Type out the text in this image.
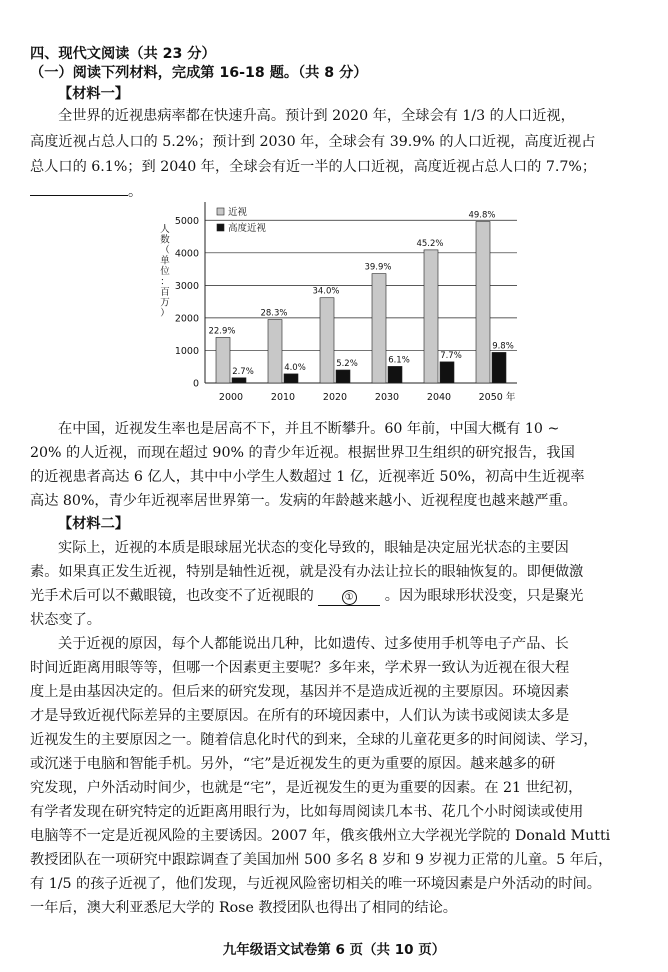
四、现代文阅读（共 23 分）
（一）阅读下列材料，完成第 16-18 题。（共 8 分）
【材料一】
全世界的近视患病率都在快速升高。预计到 2020 年，全球会有 1/3 的人口近视，
高度近视占总人口的 5.2%；预计到 2030 年，全球会有 39.9% 的人口近视，高度近视占
总人口的 6.1%；到 2040 年，全球会有近一半的人口近视，高度近视占总人口的 7.7%；
。
0
1000
2000
3000
4000
5000
人
数
（
单
位
：
百
万
）
22.9%
2.7%
2000
28.3%
4.0%
2010
34.0%
5.2%
2020
39.9%
6.1%
2030
45.2%
7.7%
2040
49.8%
9.8%
2050 年
近视
高度近视
在中国，近视发生率也是居高不下，并且不断攀升。60 年前，中国大概有 10 ~
20% 的人近视，而现在超过 90% 的青少年近视。根据世界卫生组织的研究报告，我国
的近视患者高达 6 亿人，其中中小学生人数超过 1 亿，近视率近 50%，初高中生近视率
高达 80%，青少年近视率居世界第一。发病的年龄越来越小、近视程度也越来越严重。
【材料二】
实际上，近视的本质是眼球屈光状态的变化导致的，眼轴是决定屈光状态的主要因
素。如果真正发生近视，特别是轴性近视，就是没有办法让拉长的眼轴恢复的。即便做激
光手术后可以不戴眼镜，也改变不了近视眼的	① 。因为眼球形状没变，只是聚光
状态变了。
关于近视的原因，每个人都能说出几种，比如遗传、过多使用手机等电子产品、长
时间近距离用眼等等，但哪一个因素更主要呢？多年来，学术界一致认为近视在很大程
度上是由基因决定的。但后来的研究发现，基因并不是造成近视的主要原因。环境因素
才是导致近视代际差异的主要原因。在所有的环境因素中，人们认为读书或阅读太多是
近视发生的主要原因之一。随着信息化时代的到来，全球的儿童花更多的时间阅读、学习，
或沉迷于电脑和智能手机。另外，“宅”是近视发生的更为重要的原因。越来越多的研
究发现，户外活动时间少，也就是“宅”，是近视发生的更为重要的因素。在 21 世纪初，
有学者发现在研究特定的近距离用眼行为，比如每周阅读几本书、花几个小时阅读或使用
电脑等不一定是近视风险的主要诱因。2007 年，俄亥俄州立大学视光学院的 Donald Mutti
教授团队在一项研究中跟踪调查了美国加州 500 多名 8 岁和 9 岁视力正常的儿童。5 年后，
有 1/5 的孩子近视了，他们发现，与近视风险密切相关的唯一环境因素是户外活动的时间。
一年后，澳大利亚悉尼大学的 Rose 教授团队也得出了相同的结论。
九年级语文试卷第 6 页（共 10 页）
